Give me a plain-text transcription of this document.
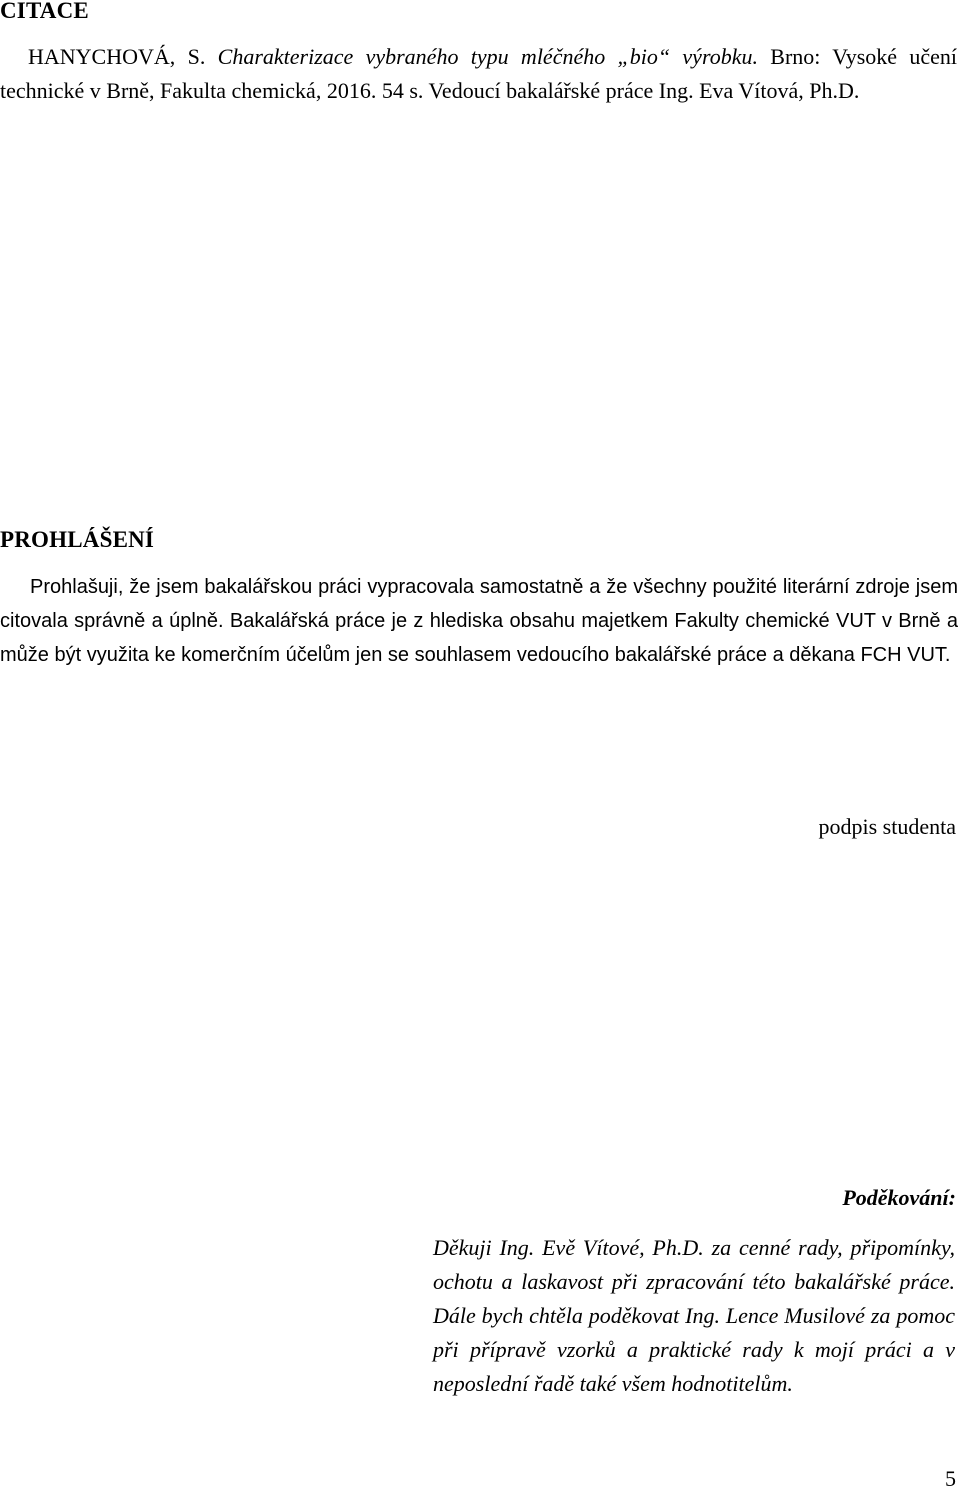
CITACE
HANYCHOVÁ, S. Charakterizace vybraného typu mléčného „bio“ výrobku. Brno: Vysoké učení technické v Brně, Fakulta chemická, 2016. 54 s. Vedoucí bakalářské práce Ing. Eva Vítová, Ph.D.
PROHLÁŠENÍ
Prohlašuji, že jsem bakalářskou práci vypracovala samostatně a že všechny použité literární zdroje jsem citovala správně a úplně. Bakalářská práce je z hlediska obsahu majetkem Fakulty chemické VUT v Brně a může být využita ke komerčním účelům jen se souhlasem vedoucího bakalářské práce a děkana FCH VUT.
podpis studenta
Poděkování:
Děkuji Ing. Evě Vítové, Ph.D. za cenné rady, připomínky, ochotu a laskavost při zpracování této bakalářské práce. Dále bych chtěla poděkovat Ing. Lence Musilové za pomoc při přípravě vzorků a praktické rady k mojí práci a v neposlední řadě také všem hodnotitelům.
5
